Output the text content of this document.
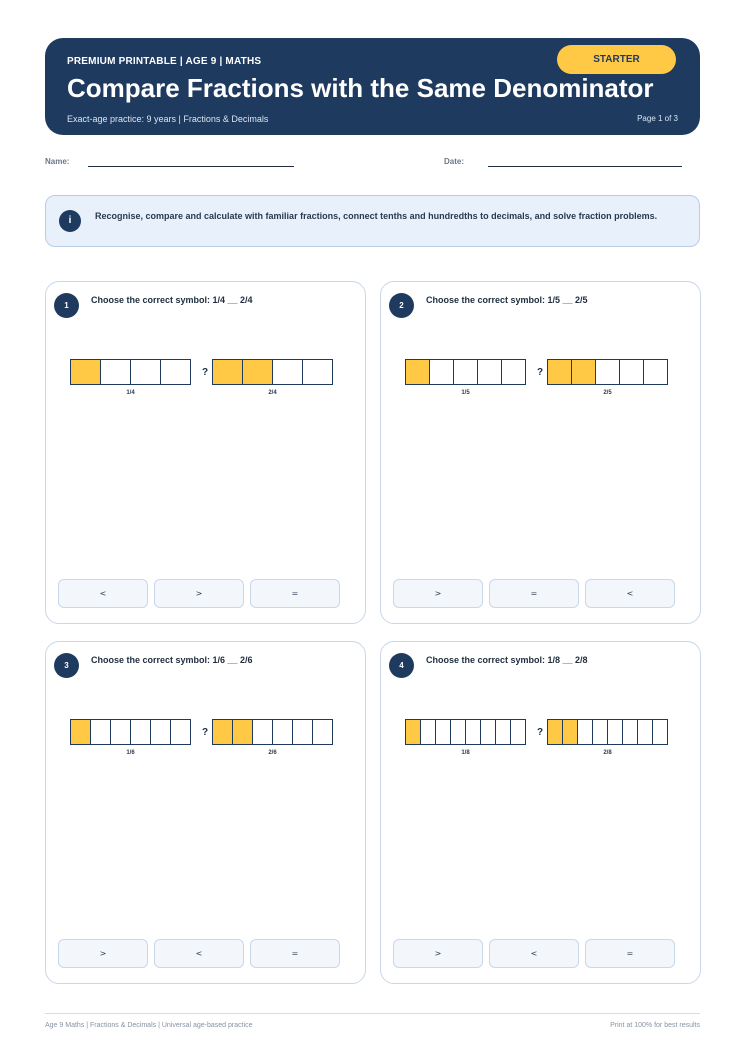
PREMIUM PRINTABLE | AGE 9 | MATHS	STARTER
Compare Fractions with the Same Denominator
Exact-age practice: 9 years | Fractions & Decimals	Page 1 of 3
Name:	Date:
i	Recognise, compare and calculate with familiar fractions, connect tenths and hundredths to decimals, and solve fraction problems.
1
Choose the correct symbol: 1/4 __ 2/4
1/4
?
2/4
<	>	=
2
Choose the correct symbol: 1/5 __ 2/5
1/5
?
2/5
>	=	<
3
Choose the correct symbol: 1/6 __ 2/6
1/6
?
2/6
>	<	=
4
Choose the correct symbol: 1/8 __ 2/8
1/8
?
2/8
>	<	=
Age 9 Maths | Fractions & Decimals | Universal age-based practice	Print at 100% for best results
